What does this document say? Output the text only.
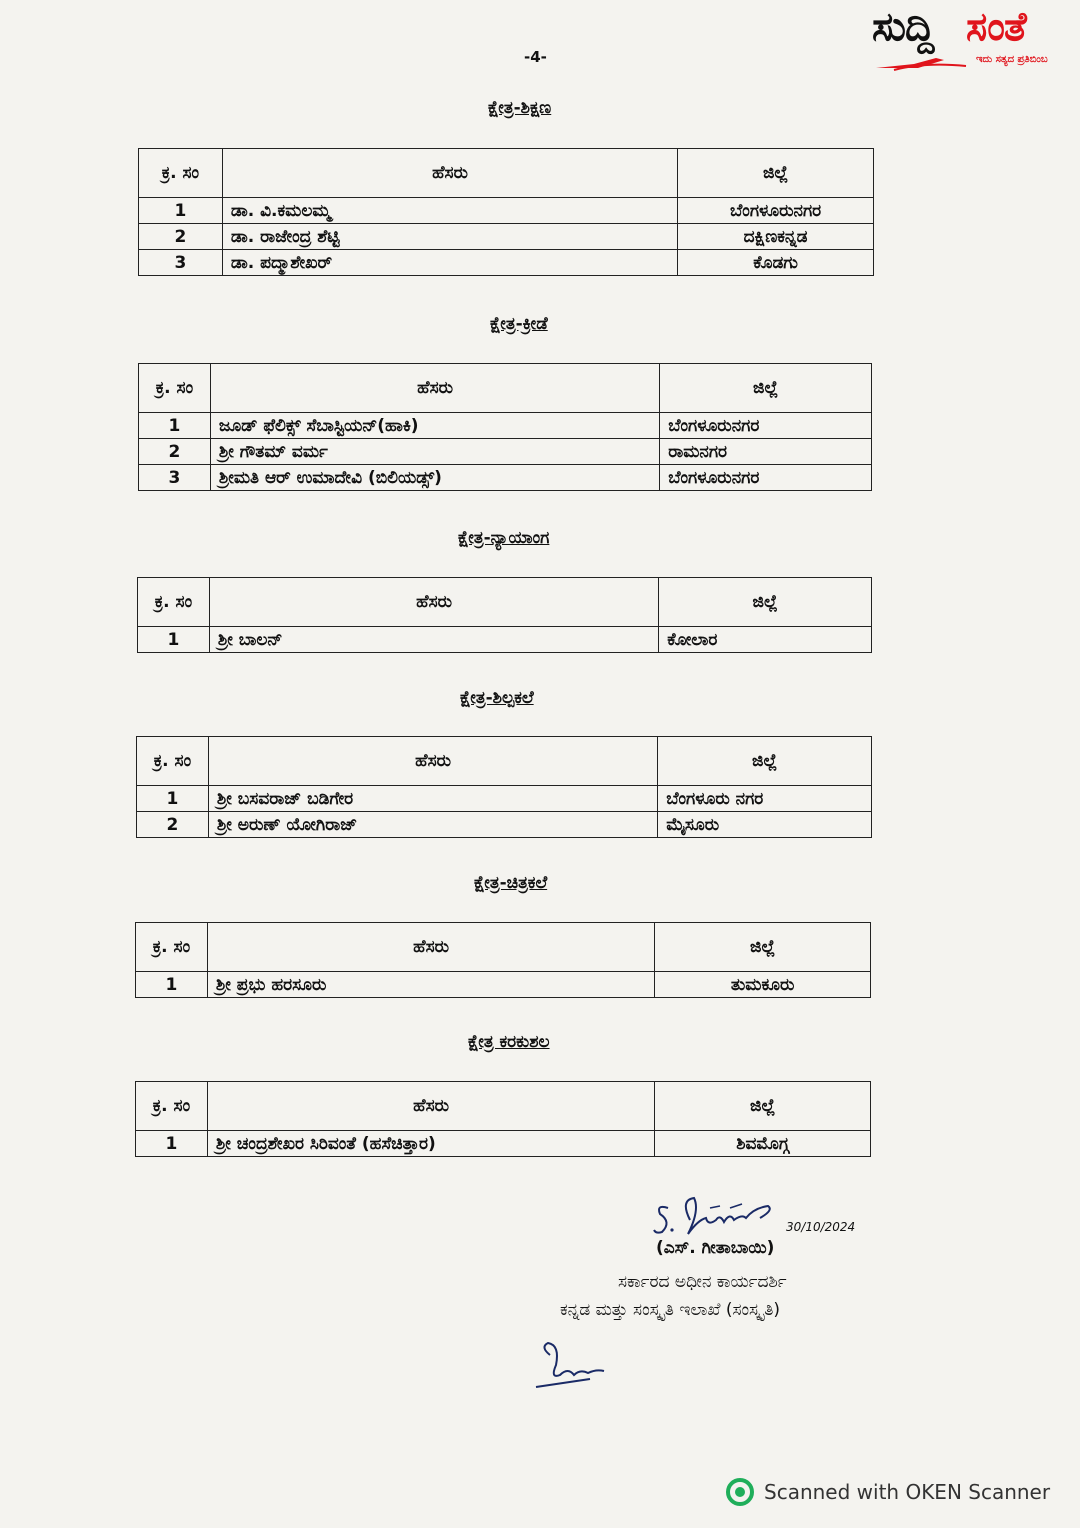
-4-
ಸುದ್ದಿ ಸಂತೆ
ಇದು ಸತ್ಯದ ಪ್ರತಿಬಿಂಬ
ಕ್ಷೇತ್ರ-ಶಿಕ್ಷಣ
ಕ್ರ. ಸಂ	ಹೆಸರು	ಜಿಲ್ಲೆ
1	ಡಾ. ವಿ.ಕಮಲಮ್ಮ	ಬೆಂಗಳೂರುನಗರ
2	ಡಾ. ರಾಜೇಂದ್ರ ಶೆಟ್ಟಿ	ದಕ್ಷಿಣಕನ್ನಡ
3	ಡಾ. ಪದ್ಮಾಶೇಖರ್	ಕೊಡಗು
ಕ್ಷೇತ್ರ-ಕ್ರೀಡೆ
ಕ್ರ. ಸಂ	ಹೆಸರು	ಜಿಲ್ಲೆ
1	ಜೂಡ್ ಫೆಲಿಕ್ಸ್ ಸೆಬಾಸ್ಟಿಯನ್(ಹಾಕಿ)	ಬೆಂಗಳೂರುನಗರ
2	ಶ್ರೀ ಗೌತಮ್ ವರ್ಮ	ರಾಮನಗರ
3	ಶ್ರೀಮತಿ ಆರ್ ಉಮಾದೇವಿ (ಬಿಲಿಯಡ್ಸ್)	ಬೆಂಗಳೂರುನಗರ
ಕ್ಷೇತ್ರ-ನ್ಯಾಯಾಂಗ
ಕ್ರ. ಸಂ	ಹೆಸರು	ಜಿಲ್ಲೆ
1	ಶ್ರೀ ಬಾಲನ್	ಕೋಲಾರ
ಕ್ಷೇತ್ರ-ಶಿಲ್ಪಕಲೆ
ಕ್ರ. ಸಂ	ಹೆಸರು	ಜಿಲ್ಲೆ
1	ಶ್ರೀ ಬಸವರಾಜ್ ಬಡಿಗೇರ	ಬೆಂಗಳೂರು ನಗರ
2	ಶ್ರೀ ಅರುಣ್ ಯೋಗಿರಾಜ್	ಮೈಸೂರು
ಕ್ಷೇತ್ರ-ಚಿತ್ರಕಲೆ
ಕ್ರ. ಸಂ	ಹೆಸರು	ಜಿಲ್ಲೆ
1	ಶ್ರೀ ಪ್ರಭು ಹರಸೂರು	ತುಮಕೂರು
ಕ್ಷೇತ್ರ ಕರಕುಶಲ
ಕ್ರ. ಸಂ	ಹೆಸರು	ಜಿಲ್ಲೆ
1	ಶ್ರೀ ಚಂದ್ರಶೇಖರ ಸಿರಿವಂತೆ (ಹಸೆಚಿತ್ತಾರ)	ಶಿವಮೊಗ್ಗ
30/10/2024
(ಎಸ್. ಗೀತಾಬಾಯಿ)
ಸರ್ಕಾರದ ಅಧೀನ ಕಾರ್ಯದರ್ಶಿ
ಕನ್ನಡ ಮತ್ತು ಸಂಸ್ಕೃತಿ ಇಲಾಖೆ (ಸಂಸ್ಕೃತಿ)
Scanned with OKEN Scanner
